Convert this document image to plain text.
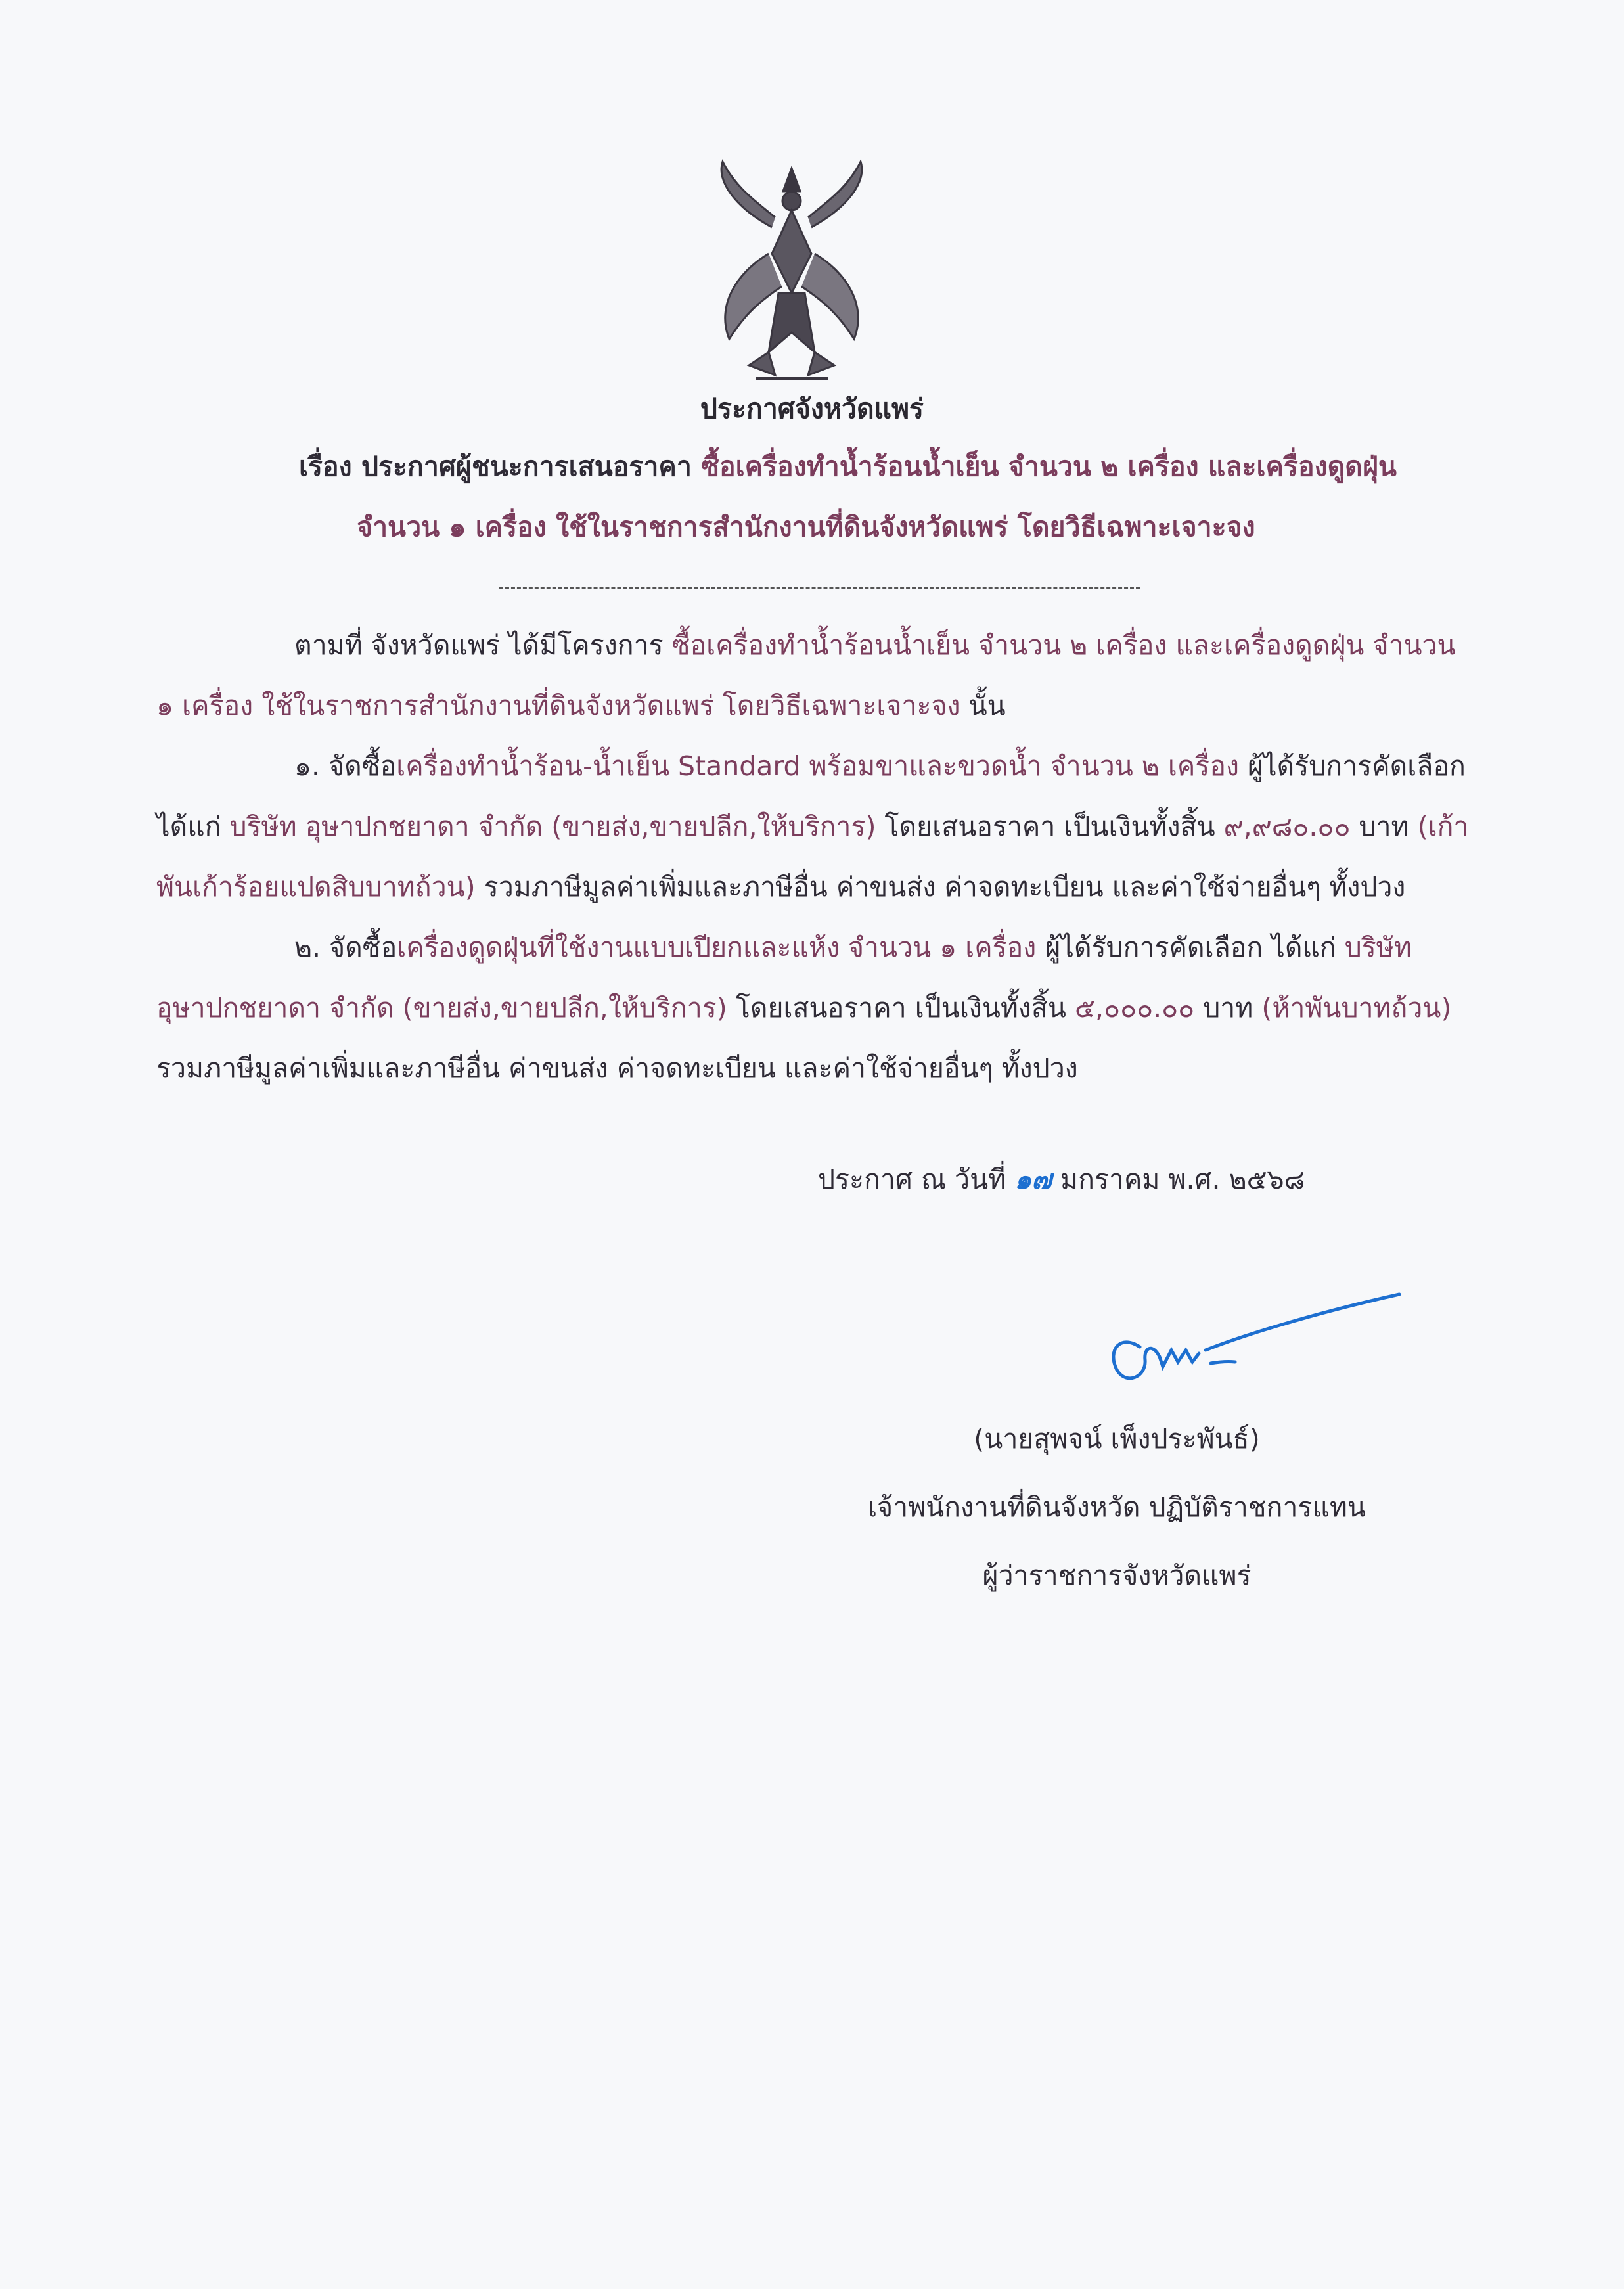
ประกาศจังหวัดแพร่
เรื่อง ประกาศผู้ชนะการเสนอราคา ซื้อเครื่องทำน้ำร้อนน้ำเย็น จำนวน ๒ เครื่อง และเครื่องดูดฝุ่น
จำนวน ๑ เครื่อง ใช้ในราชการสำนักงานที่ดินจังหวัดแพร่ โดยวิธีเฉพาะเจาะจง
ตามที่ จังหวัดแพร่ ได้มีโครงการ ซื้อเครื่องทำน้ำร้อนน้ำเย็น จำนวน ๒ เครื่อง และเครื่องดูดฝุ่น จำนวน
๑ เครื่อง ใช้ในราชการสำนักงานที่ดินจังหวัดแพร่ โดยวิธีเฉพาะเจาะจง นั้น
๑. จัดซื้อเครื่องทำน้ำร้อน-น้ำเย็น Standard พร้อมขาและขวดน้ำ จำนวน ๒ เครื่อง ผู้ได้รับการคัดเลือก
ได้แก่ บริษัท อุษาปกชยาดา จำกัด (ขายส่ง,ขายปลีก,ให้บริการ) โดยเสนอราคา เป็นเงินทั้งสิ้น ๙,๙๘๐.๐๐ บาท (เก้า
พันเก้าร้อยแปดสิบบาทถ้วน) รวมภาษีมูลค่าเพิ่มและภาษีอื่น ค่าขนส่ง ค่าจดทะเบียน และค่าใช้จ่ายอื่นๆ ทั้งปวง
๒. จัดซื้อเครื่องดูดฝุ่นที่ใช้งานแบบเปียกและแห้ง จำนวน ๑ เครื่อง ผู้ได้รับการคัดเลือก ได้แก่ บริษัท
อุษาปกชยาดา จำกัด (ขายส่ง,ขายปลีก,ให้บริการ) โดยเสนอราคา เป็นเงินทั้งสิ้น ๕,๐๐๐.๐๐ บาท (ห้าพันบาทถ้วน)
รวมภาษีมูลค่าเพิ่มและภาษีอื่น ค่าขนส่ง ค่าจดทะเบียน และค่าใช้จ่ายอื่นๆ ทั้งปวง
ประกาศ ณ วันที่ ๑๗ มกราคม พ.ศ. ๒๕๖๘
(นายสุพจน์ เพ็งประพันธ์)
เจ้าพนักงานที่ดินจังหวัด ปฏิบัติราชการแทน
ผู้ว่าราชการจังหวัดแพร่
